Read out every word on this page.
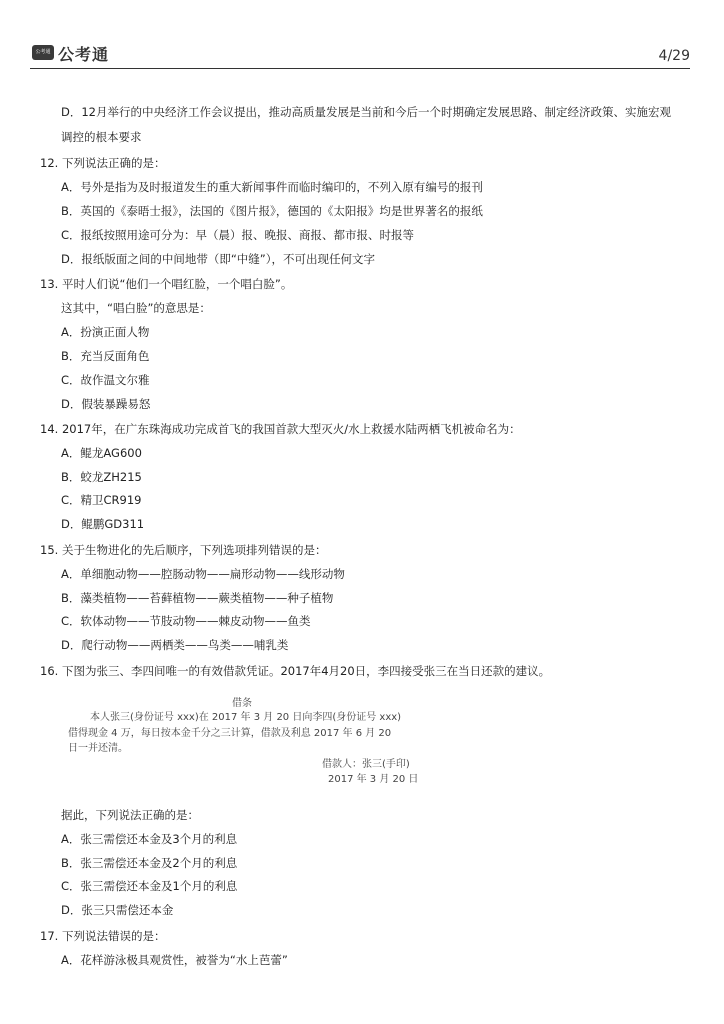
公考通 公考通	4/29
D．12月举行的中央经济工作会议提出，推动高质量发展是当前和今后一个时期确定发展思路、制定经济政策、实施宏观
调控的根本要求
12. 下列说法正确的是：
A．号外是指为及时报道发生的重大新闻事件而临时编印的，不列入原有编号的报刊
B．英国的《泰晤士报》，法国的《图片报》，德国的《太阳报》均是世界著名的报纸
C．报纸按照用途可分为：早（晨）报、晚报、商报、都市报、时报等
D．报纸版面之间的中间地带（即“中缝”），不可出现任何文字
13. 平时人们说“他们一个唱红脸，一个唱白脸”。
这其中，“唱白脸”的意思是：
A．扮演正面人物
B．充当反面角色
C．故作温文尔雅
D．假装暴躁易怒
14. 2017年，在广东珠海成功完成首飞的我国首款大型灭火/水上救援水陆两栖飞机被命名为：
A．鲲龙AG600
B．蛟龙ZH215
C．精卫CR919
D．鲲鹏GD311
15. 关于生物进化的先后顺序，下列选项排列错误的是：
A．单细胞动物——腔肠动物——扁形动物——线形动物
B．藻类植物——苔藓植物——蕨类植物——种子植物
C．软体动物——节肢动物——棘皮动物——鱼类
D．爬行动物——两栖类——鸟类——哺乳类
16. 下图为张三、李四间唯一的有效借款凭证。2017年4月20日，李四接受张三在当日还款的建议。
借条
本人张三(身份证号 xxx)在 2017 年 3 月 20 日向李四(身份证号 xxx)
借得现金 4 万，每日按本金千分之三计算，借款及利息 2017 年 6 月 20
日一并还清。
借款人：张三(手印)
2017 年 3 月 20 日
据此，下列说法正确的是：
A．张三需偿还本金及3个月的利息
B．张三需偿还本金及2个月的利息
C．张三需偿还本金及1个月的利息
D．张三只需偿还本金
17. 下列说法错误的是：
A．花样游泳极具观赏性，被誉为“水上芭蕾”
